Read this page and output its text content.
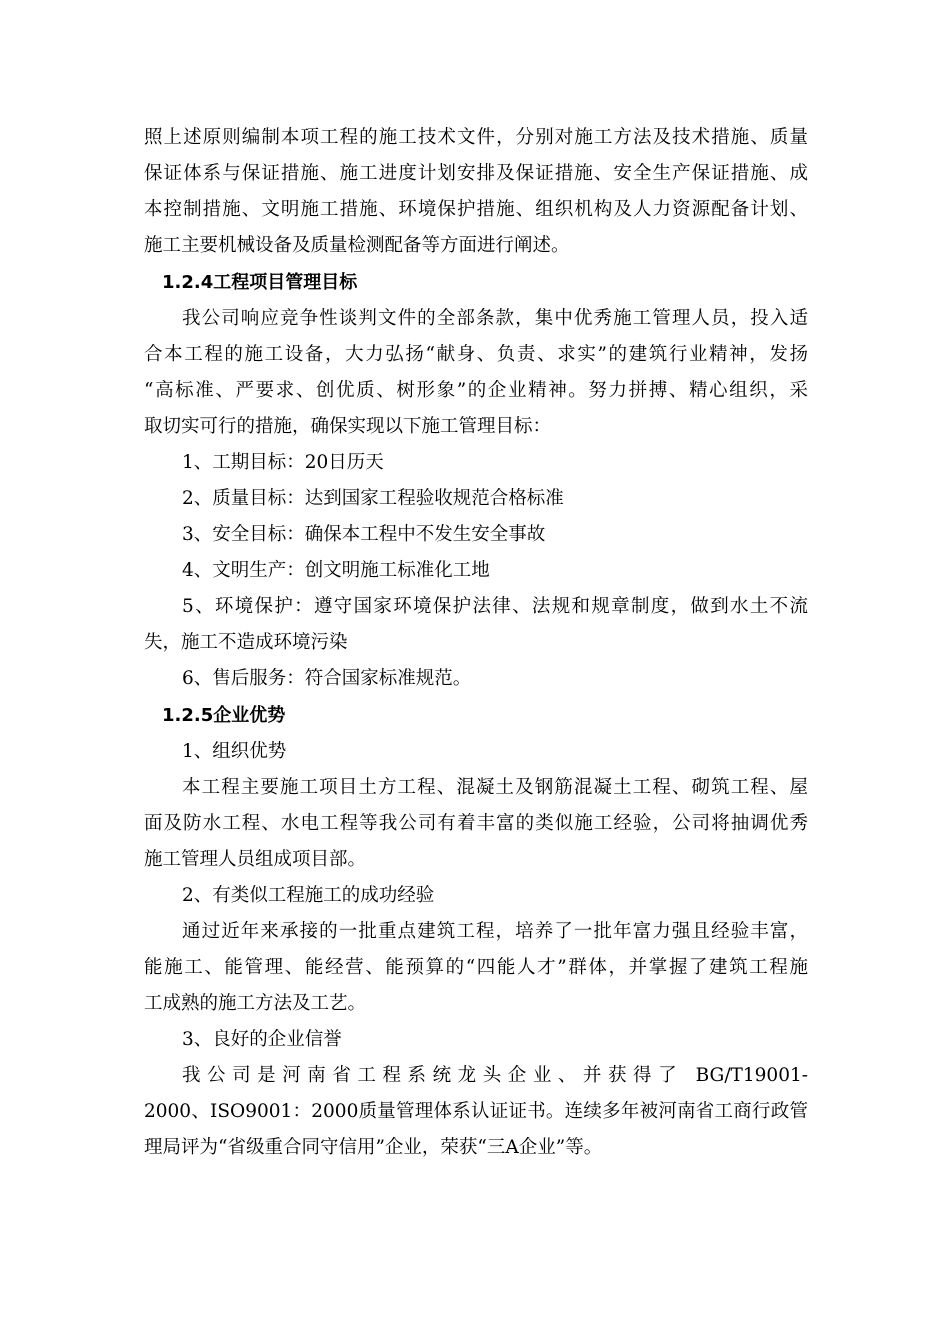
照上述原则编制本项工程的施工技术文件，分别对施工方法及技术措施、质量
保证体系与保证措施、施工进度计划安排及保证措施、安全生产保证措施、成
本控制措施、文明施工措施、环境保护措施、组织机构及人力资源配备计划、
施工主要机械设备及质量检测配备等方面进行阐述。
1.2.4工程项目管理目标
我公司响应竞争性谈判文件的全部条款，集中优秀施工管理人员，投入适
合本工程的施工设备，大力弘扬“献身、负责、求实”的建筑行业精神，发扬
“高标准、严要求、创优质、树形象”的企业精神。努力拼搏、精心组织，采
取切实可行的措施，确保实现以下施工管理目标：
1、工期目标：20日历天
2、质量目标：达到国家工程验收规范合格标准
3、安全目标：确保本工程中不发生安全事故
4、文明生产：创文明施工标准化工地
5、环境保护：遵守国家环境保护法律、法规和规章制度，做到水土不流
失，施工不造成环境污染
6、售后服务：符合国家标准规范。
1.2.5企业优势
1、组织优势
本工程主要施工项目土方工程、混凝土及钢筋混凝土工程、砌筑工程、屋
面及防水工程、水电工程等我公司有着丰富的类似施工经验，公司将抽调优秀
施工管理人员组成项目部。
2、有类似工程施工的成功经验
通过近年来承接的一批重点建筑工程，培养了一批年富力强且经验丰富，
能施工、能管理、能经营、能预算的“四能人才”群体，并掌握了建筑工程施
工成熟的施工方法及工艺。
3、良好的企业信誉
我公司是河南省工程系统龙头企业、并获得了 BG/T19001-
2000、ISO9001：2000质量管理体系认证证书。连续多年被河南省工商行政管
理局评为“省级重合同守信用”企业，荣获“三A企业”等。
